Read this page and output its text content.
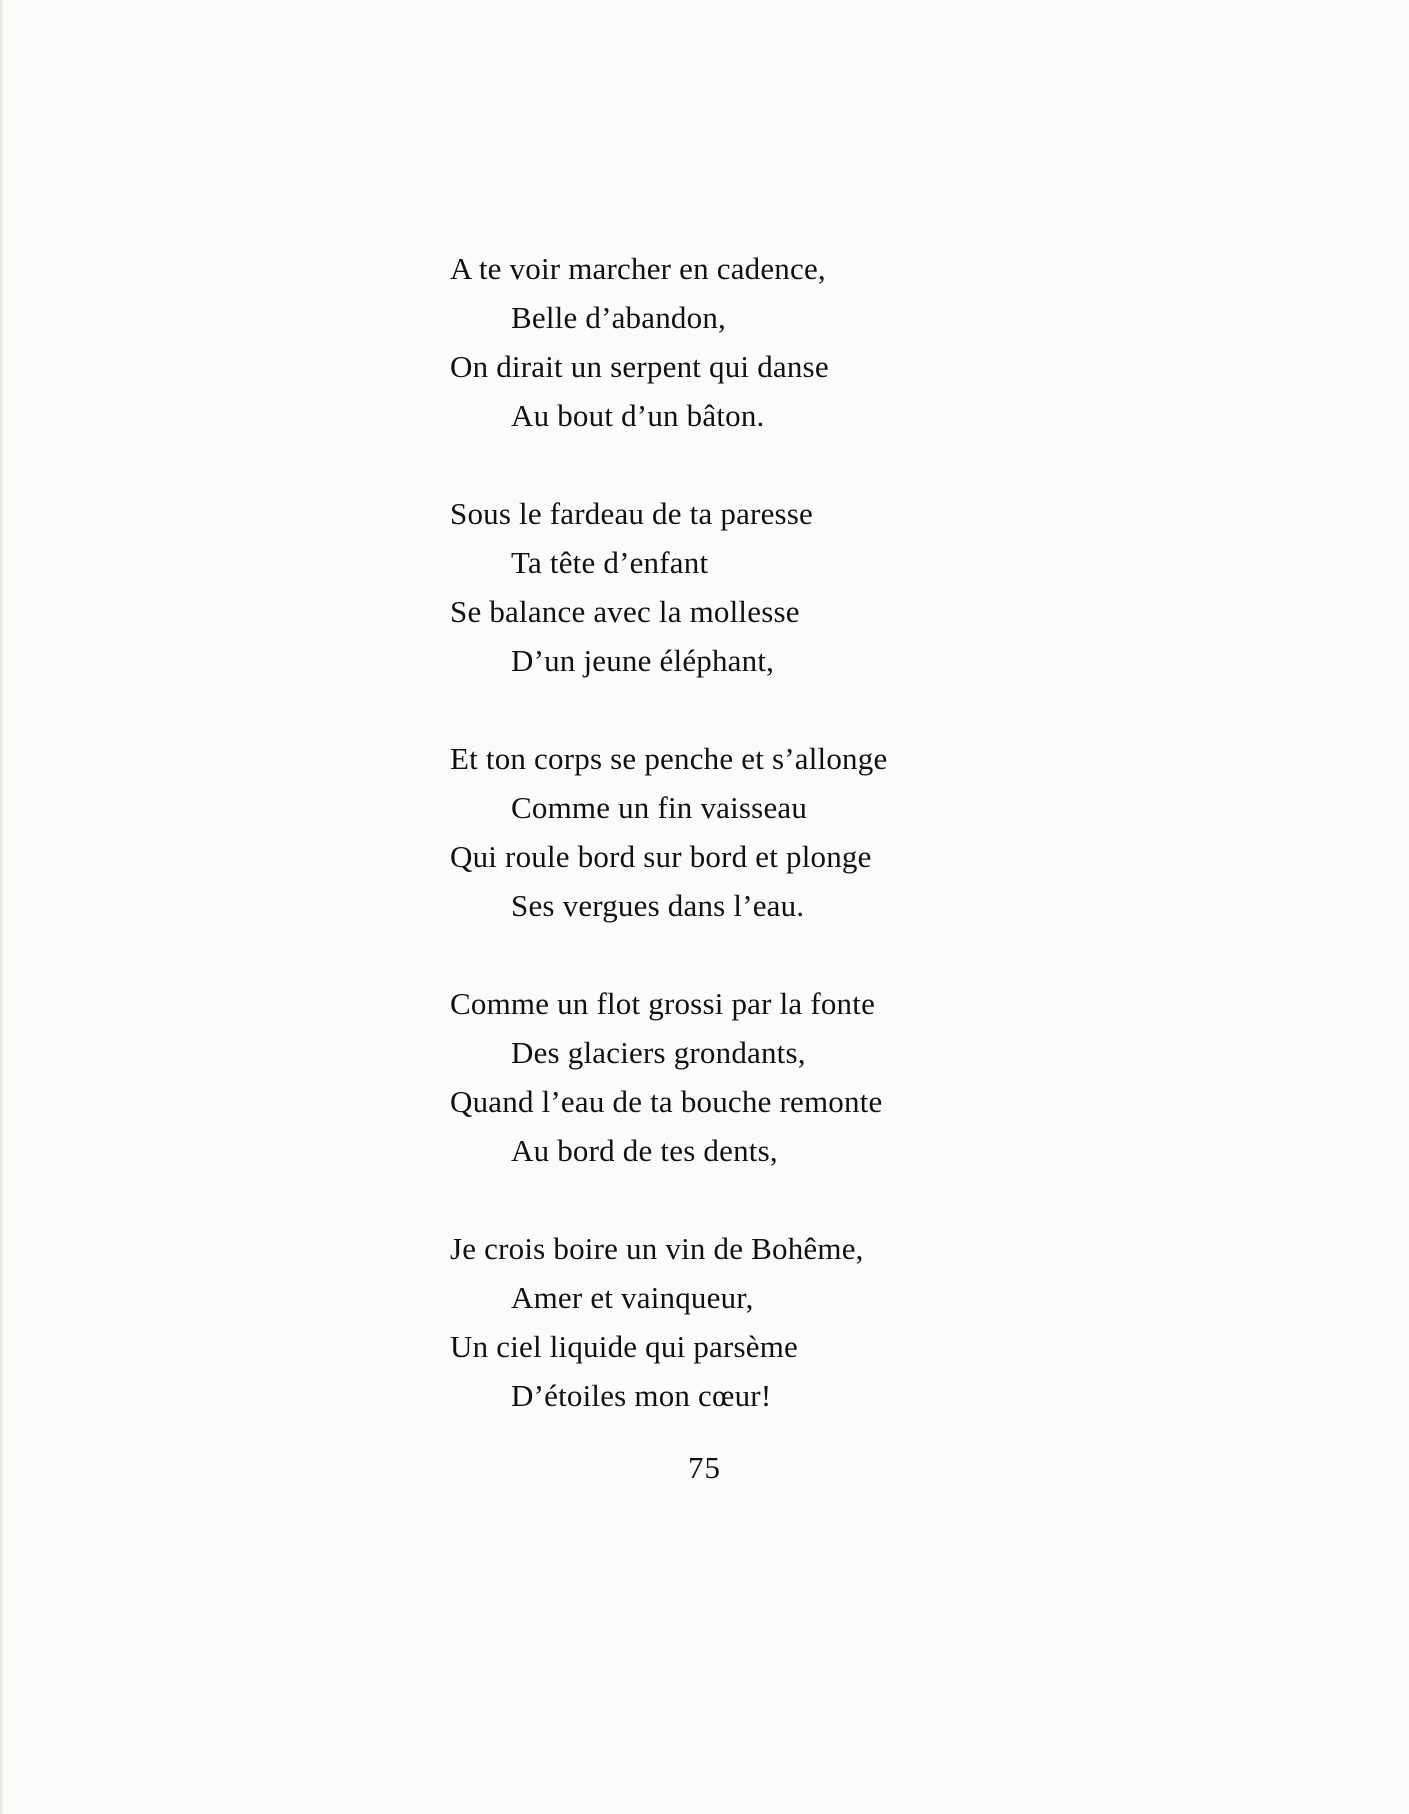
A te voir marcher en cadence,
Belle d’abandon,
On dirait un serpent qui danse
Au bout d’un bâton.
Sous le fardeau de ta paresse
Ta tête d’enfant
Se balance avec la mollesse
D’un jeune éléphant,
Et ton corps se penche et s’allonge
Comme un fin vaisseau
Qui roule bord sur bord et plonge
Ses vergues dans l’eau.
Comme un flot grossi par la fonte
Des glaciers grondants,
Quand l’eau de ta bouche remonte
Au bord de tes dents,
Je crois boire un vin de Bohême,
Amer et vainqueur,
Un ciel liquide qui parsème
D’étoiles mon cœur!
75
